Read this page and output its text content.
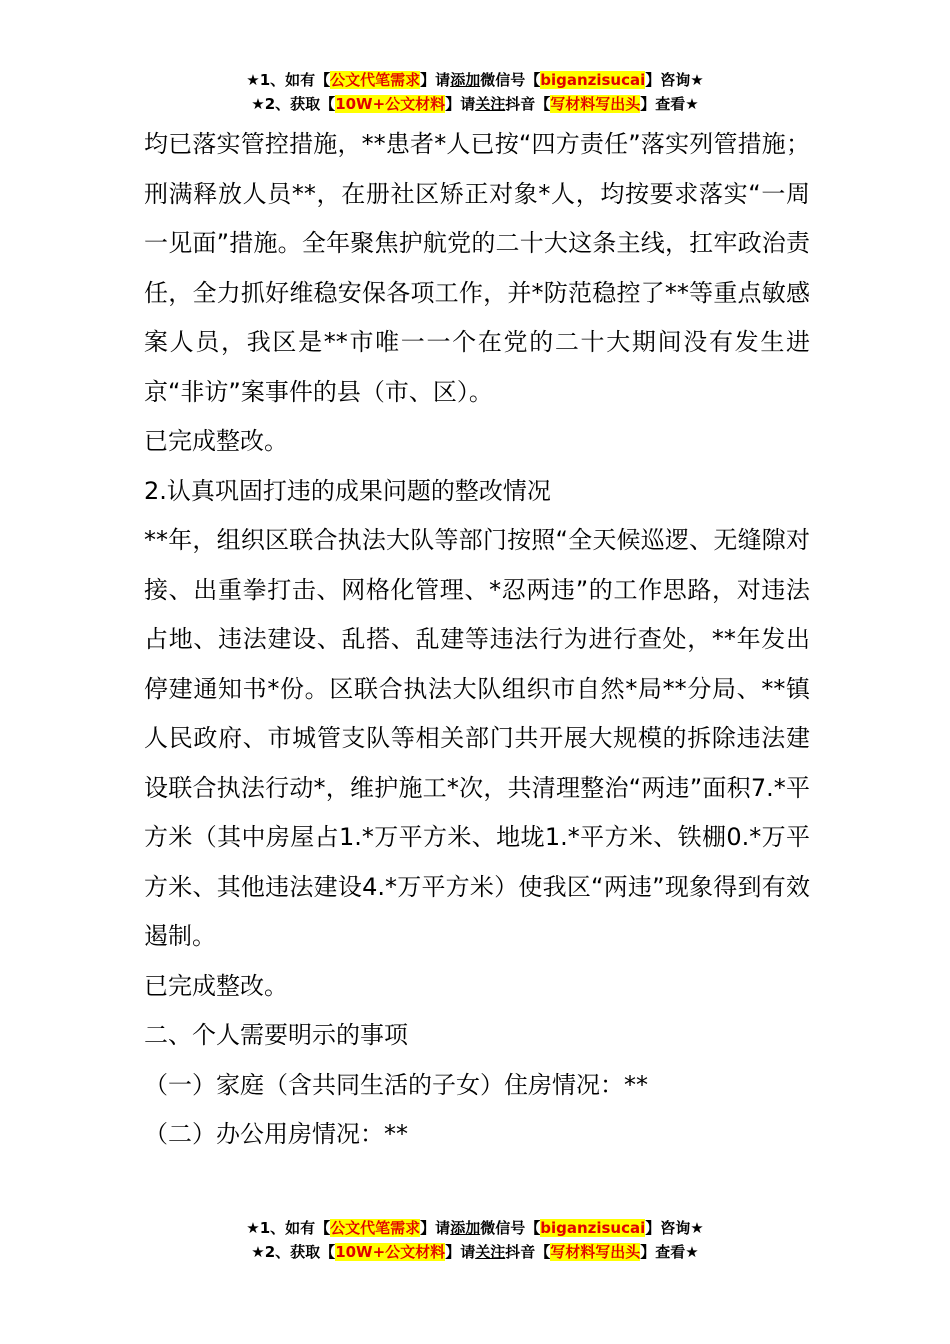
★1、如有【公文代笔需求】请添加微信号【biganzisucai】咨询★
★2、获取【10W+公文材料】请关注抖音【写材料写出头】查看★

均已落实管控措施，**患者*人已按“四方责任”落实列管措施；刑满释放人员**，在册社区矫正对象*人，均按要求落实“一周一见面”措施。全年聚焦护航党的二十大这条主线，扛牢政治责任，全力抓好维稳安保各项工作，并*防范稳控了**等重点敏感案人员，我区是**市唯一一个在党的二十大期间没有发生进京“非访”案事件的县（市、区）。

已完成整改。

2.认真巩固打违的成果问题的整改情况

**年，组织区联合执法大队等部门按照“全天候巡逻、无缝隙对接、出重拳打击、网格化管理、*忍两违”的工作思路，对违法占地、违法建设、乱搭、乱建等违法行为进行查处，**年发出停建通知书*份。区联合执法大队组织市自然*局**分局、**镇人民政府、市城管支队等相关部门共开展大规模的拆除违法建设联合执法行动*，维护施工*次，共清理整治“两违”面积7.*平方米（其中房屋占1.*万平方米、地垅1.*平方米、铁棚0.*万平方米、其他违法建设4.*万平方米）使我区“两违”现象得到有效遏制。

已完成整改。

二、个人需要明示的事项

（一）家庭（含共同生活的子女）住房情况：**

（二）办公用房情况：**

★1、如有【公文代笔需求】请添加微信号【biganzisucai】咨询★
★2、获取【10W+公文材料】请关注抖音【写材料写出头】查看★
